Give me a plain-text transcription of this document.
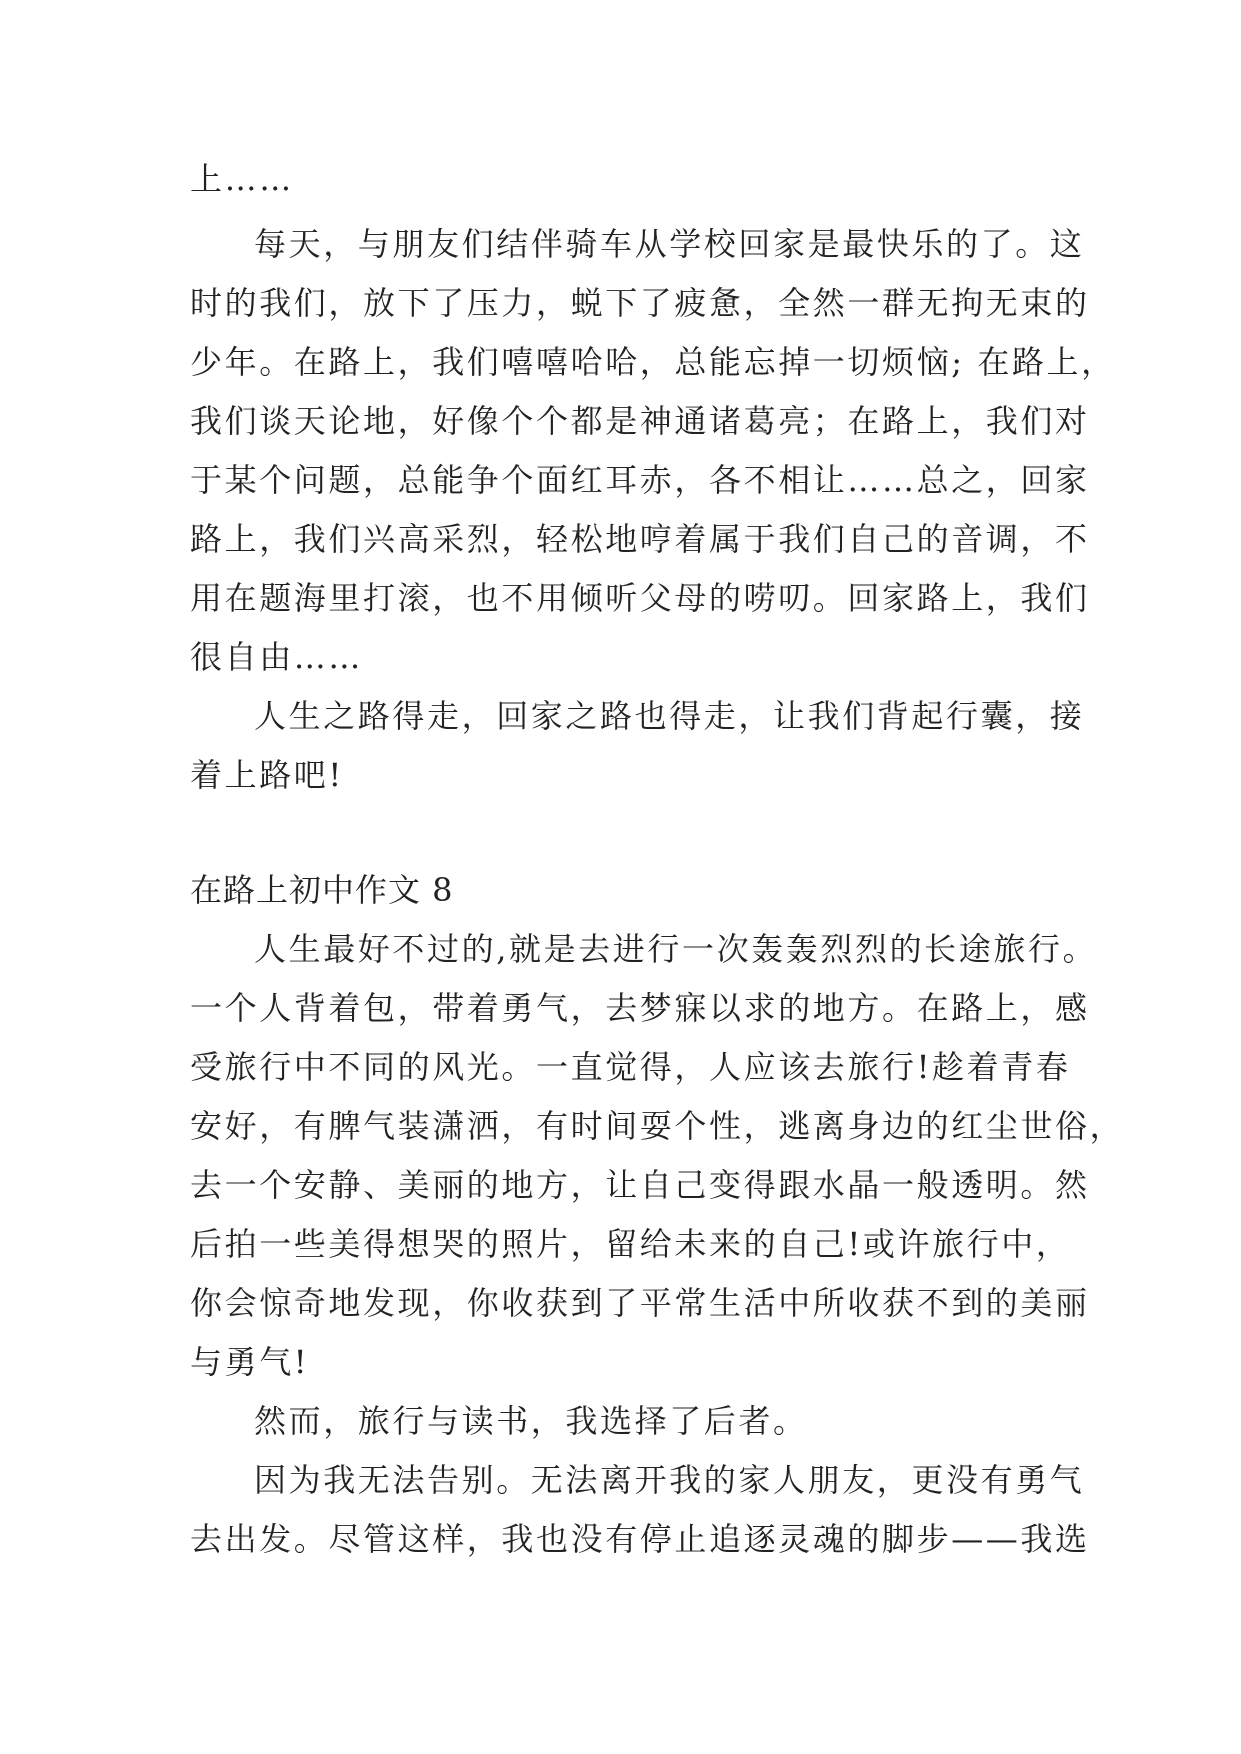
上……
每天，与朋友们结伴骑车从学校回家是最快乐的了。这
时的我们，放下了压力，蜕下了疲惫，全然一群无拘无束的
少年。在路上，我们嘻嘻哈哈，总能忘掉一切烦恼; 在路上，
我们谈天论地，好像个个都是神通诸葛亮；在路上，我们对
于某个问题，总能争个面红耳赤，各不相让……总之，回家
路上，我们兴高采烈，轻松地哼着属于我们自己的音调，不
用在题海里打滚，也不用倾听父母的唠叨。回家路上，我们
很自由……
人生之路得走，回家之路也得走，让我们背起行囊，接
着上路吧!
在路上初中作文 8
人生最好不过的,就是去进行一次轰轰烈烈的长途旅行。
一个人背着包，带着勇气，去梦寐以求的地方。在路上，感
受旅行中不同的风光。一直觉得，人应该去旅行!趁着青春
安好，有脾气装潇洒，有时间耍个性，逃离身边的红尘世俗，
去一个安静、美丽的地方，让自己变得跟水晶一般透明。然
后拍一些美得想哭的照片，留给未来的自己!或许旅行中，
你会惊奇地发现，你收获到了平常生活中所收获不到的美丽
与勇气!
然而，旅行与读书，我选择了后者。
因为我无法告别。无法离开我的家人朋友，更没有勇气
去出发。尽管这样，我也没有停止追逐灵魂的脚步——我选
